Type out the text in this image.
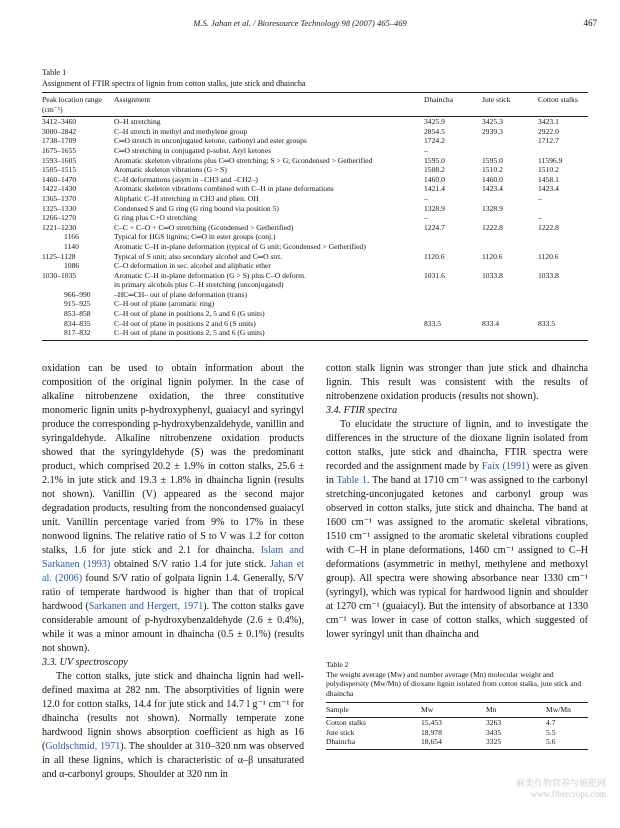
M.S. Jahan et al. / Bioresource Technology 98 (2007) 465–469	467
Table 1
Assignment of FTIR spectra of lignin from cotton stalks, jute stick and dhaincha
Peak location range (cm⁻¹)	Assignment	Dhaincha	Jute stick	Cotton stalks
3412–3460	O–H stretching	3425.9	3425.3	3423.1
3000–2842	C–H stretch in methyl and methylene group	2854.5	2939.3	2922.0
1738–1709	C═O stretch in unconjugated ketone, carbonyl and ester groups	1724.2		1712.7
1675–1655	C═O stretching in conjugated p-subst. Aryl ketones	–		
1593–1605	Aromatic skeleton vibrations plus C═O stretching; S > G; Gcondensed > Getherified	1595.0	1595.0	11596.9
1505–1515	Aromatic skeleton vibrations (G > S)	1508.2	1510.2	1510.2
1460–1470	C–H deformations (asym in –CH3 and –CH2–)	1460.0	1460.0	1458.1
1422–1430	Aromatic skeleton vibrations combined with C–H in plane deformations	1421.4	1423.4	1423.4
1365–1370	Aliphatic C–H stretching in CH3 and phen. OH	–		–
1325–1330	Condensed S and G ring (G ring bound via position 5)	1328.9	1328.9	
1266–1270	G ring plus C+O stretching	–		–
1221–1230	C–C + C–O + C═O stretching (Gcondensed > Getherified)	1224.7	1222.8	1222.8
1166	Typical for HGS lignins; C═O in ester groups (conj.)			
1140	Aromatic C–H in-plane deformation (typical of G unit; Gcondensed > Getherified)			
1125–1128	Typical of S unit; also secondary alcohol and C═O strt.	1120.6	1120.6	1120.6
1086	C–O deformation in sec. alcohol and aliphatic ether			
1030–1035	Aromatic C–H in-plane deformation (G > S) plus C–O deform.	1031.6	1033.8	1033.8
	in primary alcohols plus C–H stretching (unconjugated)			
966–990	–HC═CH– out of plane deformation (trans)			
915–925	C–H out of plane (aromatic ring)			
853–858	C–H out of plane in positions 2, 5 and 6 (G units)			
834–835	C–H out of plane in positions 2 and 6 (S units)	833.5	833.4	833.5
817–832	C–H out of plane in positions 2, 5 and 6 (G units)			

oxidation can be used to obtain information about the composition of the original lignin polymer. In the case of alkaline nitrobenzene oxidation, the three constitutive monomeric lignin units p-hydroxyphenyl, guaiacyl and syringyl produce the corresponding p-hydroxybenzaldehyde, vanillin and syringaldehyde. Alkaline nitrobenzene oxidation products showed that the syringyldehyde (S) was the predominant product, which comprised 20.2 ± 1.9% in cotton stalks, 25.6 ± 2.1% in jute stick and 19.3 ± 1.8% in dhaincha lignin (results not shown). Vanillin (V) appeared as the second major degradation products, resulting from the noncondensed guaiacyl unit. Vanillin percentage varied from 9% to 17% in these nonwood lignins. The relative ratio of S to V was 1.2 for cotton stalks, 1.6 for jute stick and 2.1 for dhaincha. Islam and Sarkanen (1993) obtained S/V ratio 1.4 for jute stick. Jahan et al. (2006) found S/V ratio of golpata lignin 1.4. Generally, S/V ratio of temperate hardwood is higher than that of tropical hardwood (Sarkanen and Hergert, 1971). The cotton stalks gave considerable amount of p-hydroxybenzaldehyde (2.6 ± 0.4%), while it was a minor amount in dhaincha (0.5 ± 0.1%) (results not shown).

3.3. UV spectroscopy

The cotton stalks, jute stick and dhaincha lignin had well-defined maxima at 282 nm. The absorptivities of lignin were 12.0 for cotton stalks, 14.4 for jute stick and 14.7 l g⁻¹ cm⁻¹ for dhaincha (results not shown). Normally temperate zone hardwood lignin shows absorption coefficient as high as 16 (Goldschmid, 1971). The shoulder at 310–320 nm was observed in all these lignins, which is characteristic of α–β unsaturated and α-carbonyl groups. Shoulder at 320 nm in

cotton stalk lignin was stronger than jute stick and dhaincha lignin. This result was consistent with the results of nitrobenzene oxidation products (results not shown).

3.4. FTIR spectra

To elucidate the structure of lignin, and to investigate the differences in the structure of the dioxane lignin isolated from cotton stalks, jute stick and dhaincha, FTIR spectra were recorded and the assignment made by Faix (1991) were as given in Table 1. The band at 1710 cm⁻¹ was assigned to the carbonyl stretching-unconjugated ketones and carbonyl group was observed in cotton stalks, jute stick and dhaincha. The band at 1600 cm⁻¹ was assigned to the aromatic skeletal vibrations, 1510 cm⁻¹ assigned to the aromatic skeletal vibrations coupled with C–H in plane deformations, 1460 cm⁻¹ assigned to C–H deformations (asymmetric in methyl, methylene and methoxyl group). All spectra were showing absorbance near 1330 cm⁻¹ (syringyl), which was typical for hardwood lignin and shoulder at 1270 cm⁻¹ (guaiacyl). But the intensity of absorbance at 1330 cm⁻¹ was lower in case of cotton stalks, which suggested of lower syringyl unit than dhaincha and

Table 2
The weight average (Mw) and number average (Mn) molecular weight and polydispersity (Mw/Mn) of dioxane lignin isolated from cotton stalks, jute stick and dhaincha
Sample	Mw	Mn	Mw/Mn
Cotton stalks	15,453	3263	4.7
Jute stick	18,978	3435	5.5
Dhaincha	18,654	3325	5.6
麻类作物营养与施肥网
www.fibercrops.com
